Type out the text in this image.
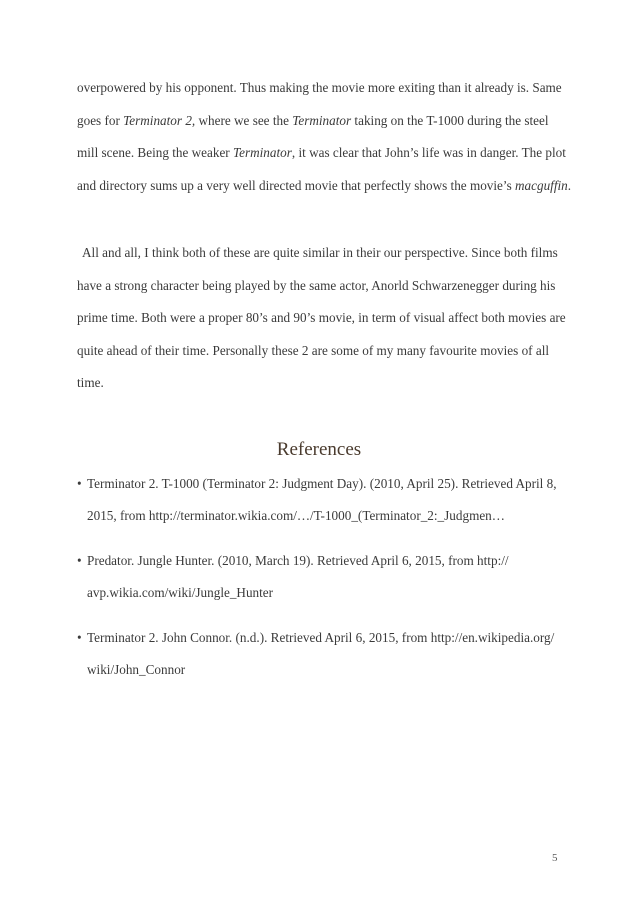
overpowered by his opponent. Thus making the movie more exiting than it already is. Same
goes for Terminator 2, where we see the Terminator taking on the T-1000 during the steel
mill scene. Being the weaker Terminator, it was clear that John’s life was in danger. The plot
and directory sums up a very well directed movie that perfectly shows the movie’s macguffin.

All and all, I think both of these are quite similar in their our perspective. Since both films
have a strong character being played by the same actor, Anorld Schwarzenegger during his
prime time. Both were a proper 80’s and 90’s movie, in term of visual affect both movies are
quite ahead of their time. Personally these 2 are some of my many favourite movies of all
time.

References
• Terminator 2. T-1000 (Terminator 2: Judgment Day). (2010, April 25). Retrieved April 8,
2015, from http://terminator.wikia.com/…/T-1000_(Terminator_2:_Judgmen…
• Predator. Jungle Hunter. (2010, March 19). Retrieved April 6, 2015, from http://
avp.wikia.com/wiki/Jungle_Hunter
• Terminator 2. John Connor. (n.d.). Retrieved April 6, 2015, from http://en.wikipedia.org/
wiki/John_Connor
5
